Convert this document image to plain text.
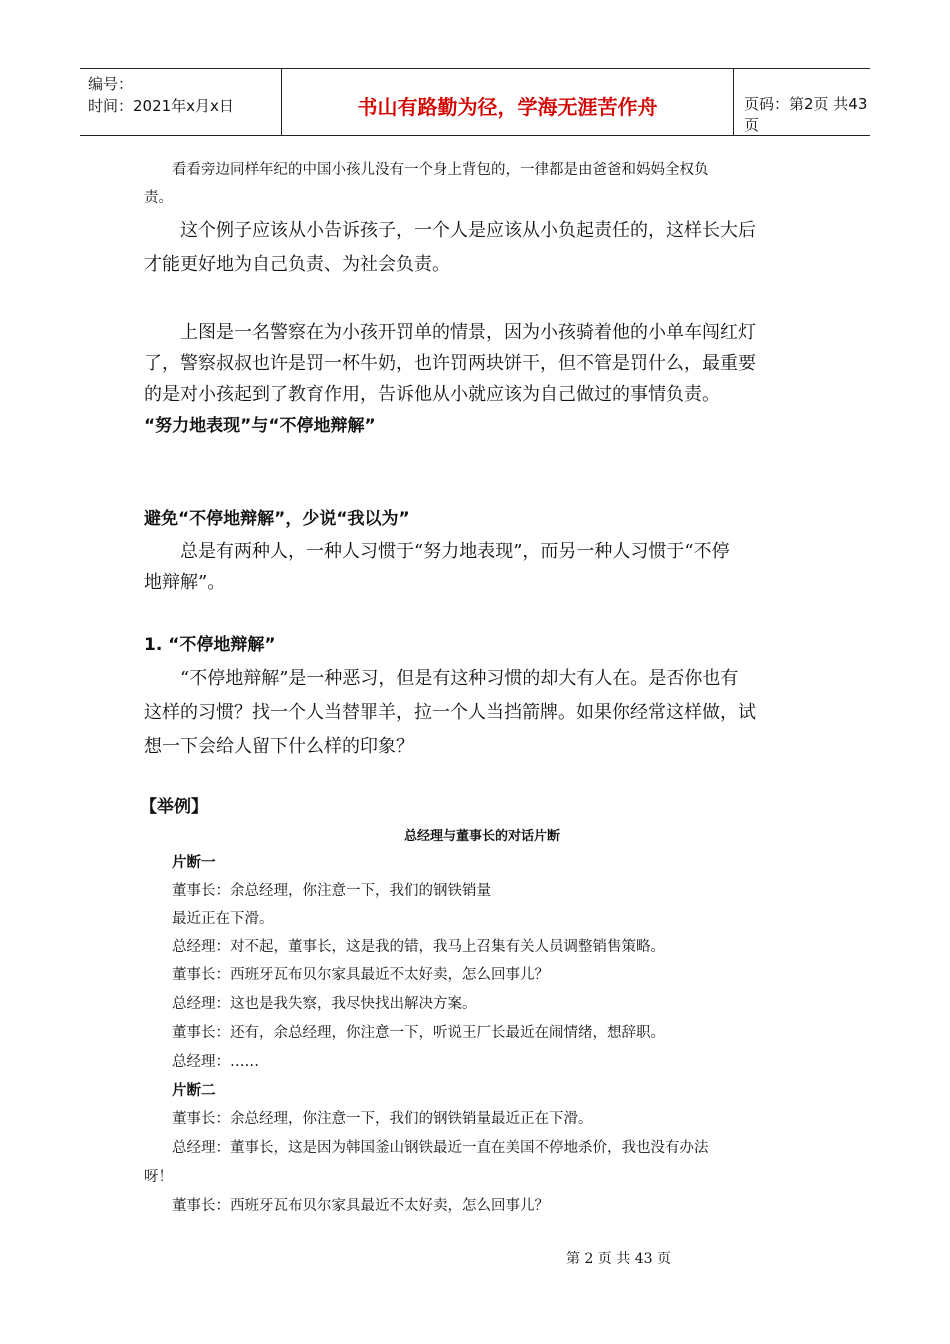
编号：
时间：2021年x月x日	书山有路勤为径，学海无涯苦作舟	页码：第2页 共43页
看看旁边同样年纪的中国小孩儿没有一个身上背包的，一律都是由爸爸和妈妈全权负
责。
这个例子应该从小告诉孩子，一个人是应该从小负起责任的，这样长大后
才能更好地为自己负责、为社会负责。
上图是一名警察在为小孩开罚单的情景，因为小孩骑着他的小单车闯红灯
了，警察叔叔也许是罚一杯牛奶，也许罚两块饼干，但不管是罚什么，最重要
的是对小孩起到了教育作用，告诉他从小就应该为自己做过的事情负责。
“努力地表现”与“不停地辩解”
避免“不停地辩解”，少说“我以为”
总是有两种人，一种人习惯于“努力地表现”，而另一种人习惯于“不停
地辩解”。
1. “不停地辩解”
“不停地辩解”是一种恶习，但是有这种习惯的却大有人在。是否你也有
这样的习惯？找一个人当替罪羊，拉一个人当挡箭牌。如果你经常这样做，试
想一下会给人留下什么样的印象？
【举例】
总经理与董事长的对话片断
片断一
董事长：余总经理，你注意一下，我们的钢铁销量
最近正在下滑。
总经理：对不起，董事长，这是我的错，我马上召集有关人员调整销售策略。
董事长：西班牙瓦布贝尔家具最近不太好卖，怎么回事儿？
总经理：这也是我失察，我尽快找出解决方案。
董事长：还有，余总经理，你注意一下，听说王厂长最近在闹情绪，想辞职。
总经理：……
片断二
董事长：余总经理，你注意一下，我们的钢铁销量最近正在下滑。
总经理：董事长，这是因为韩国釜山钢铁最近一直在美国不停地杀价，我也没有办法
呀！
董事长：西班牙瓦布贝尔家具最近不太好卖，怎么回事儿？
第 2 页 共 43 页
